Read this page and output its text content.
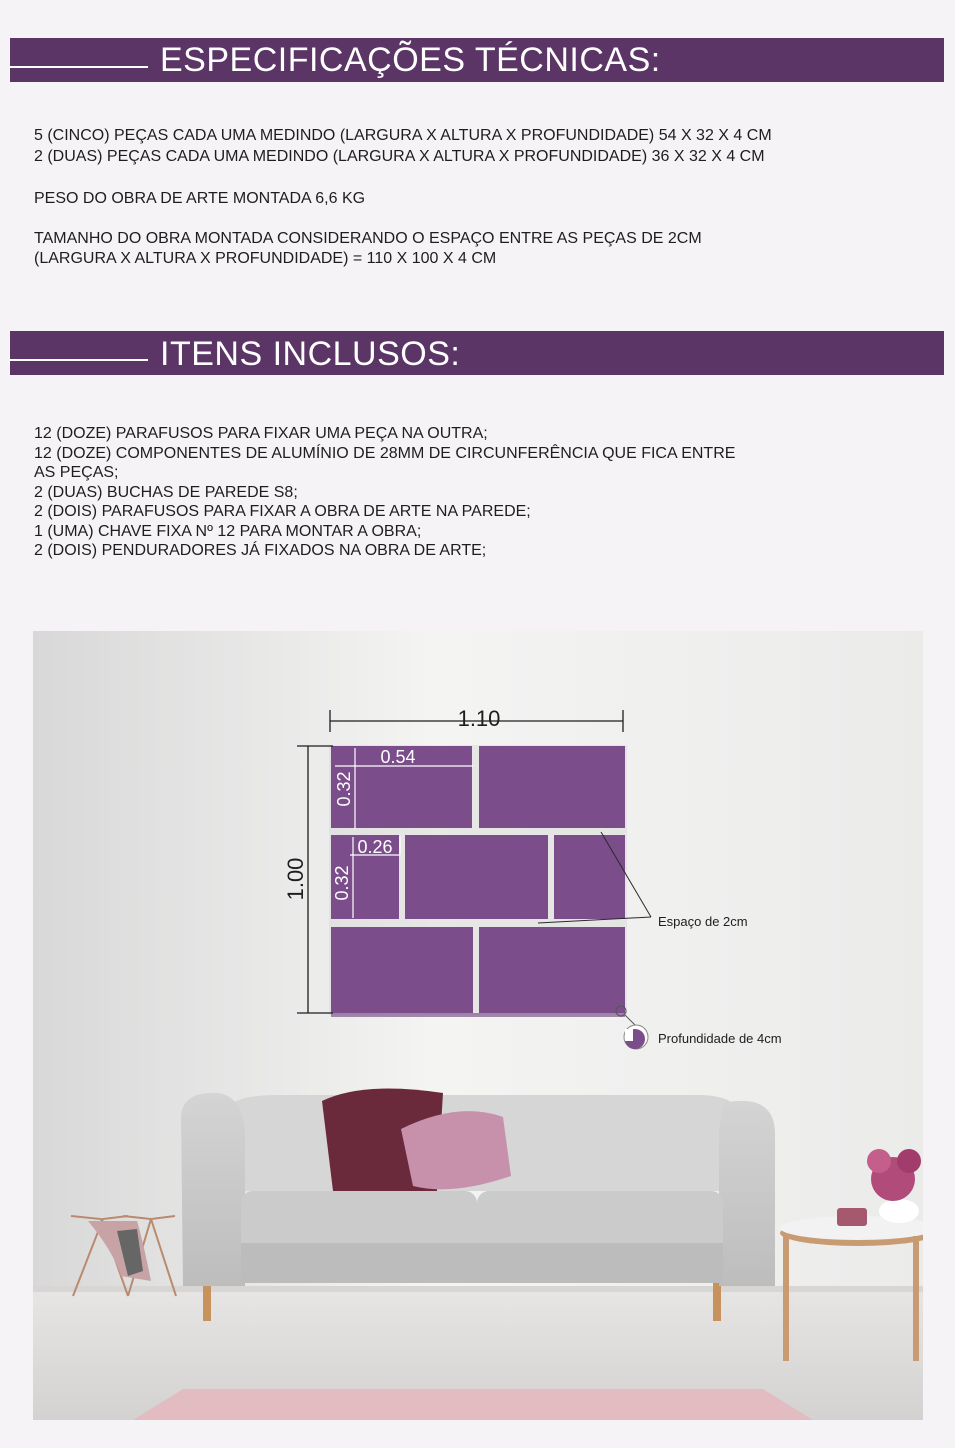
ESPECIFICAÇÕES TÉCNICAS:
5 (CINCO) PEÇAS CADA UMA MEDINDO (LARGURA X ALTURA X PROFUNDIDADE) 54 X 32 X 4 CM
2 (DUAS) PEÇAS CADA UMA MEDINDO (LARGURA X ALTURA X PROFUNDIDADE) 36 X 32 X 4 CM
PESO DO OBRA DE ARTE MONTADA 6,6 KG
TAMANHO DO OBRA MONTADA CONSIDERANDO O ESPAÇO ENTRE AS PEÇAS DE 2CM
(LARGURA X ALTURA X PROFUNDIDADE) = 110 X 100 X 4 CM
ITENS INCLUSOS:
12 (DOZE) PARAFUSOS PARA FIXAR UMA PEÇA NA OUTRA;
12 (DOZE) COMPONENTES DE ALUMÍNIO DE 28MM DE CIRCUNFERÊNCIA QUE FICA ENTRE
AS PEÇAS;
2 (DUAS) BUCHAS DE PAREDE S8;
2 (DOIS) PARAFUSOS PARA FIXAR A OBRA DE ARTE NA PAREDE;
1 (UMA) CHAVE FIXA Nº 12 PARA MONTAR A OBRA;
2 (DOIS) PENDURADORES JÁ FIXADOS NA OBRA DE ARTE;
1.10
1.00
0.54
0.32
0.26
0.32
Espaço de 2cm
Profundidade de 4cm
